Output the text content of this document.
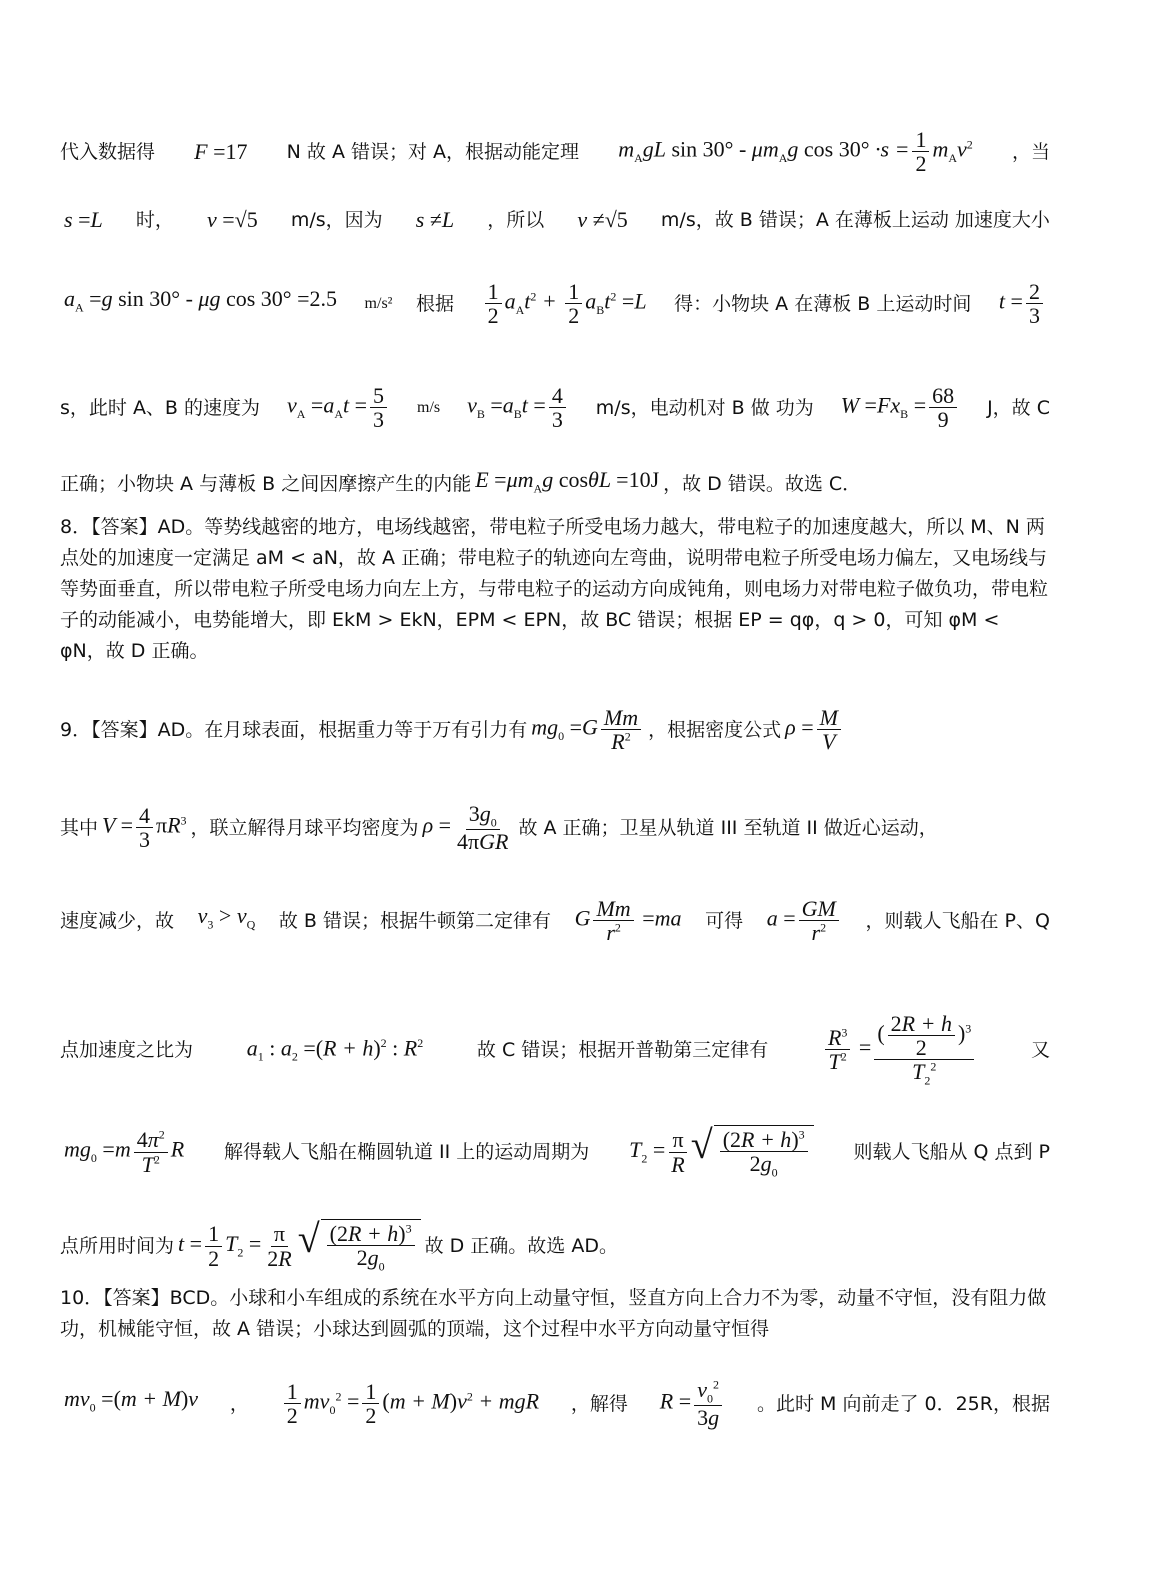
代入数据得 F =17 N 故 A 错误；对 A，根据动能定理 $m_AgL$ $\sin 30^\circ - \mu m_Ag$ $\cos 30^\circ \cdot s = \frac{1}{2} m_Av^2$ ，当
s =L 时， v =√5 m/s，因为 s ≠L ，所以 v ≠√5 m/s，故 B 错误；A 在薄板上运动 加速度大小
$a_A =g$ sin 30° - μg cos 30° =2.5 m/s² 根据 $\frac{1}{2} a_At^2 + \frac{1}{2} a_Bt^2 =L$ 得：小物块 A 在薄板 B 上运动时间 $t = \frac{2}{3}$
s，此时 A、B 的速度为 $v_A =a_At = \frac{5}{3} m/s$ $v_B =a_Bt = \frac{4}{3} m/s$，电动机对 B 做 功为 $W =Fx_B = \frac{68}{9}$ J，故 C
正确；小物块 A 与薄板 B 之间因摩擦产生的内能 $E =\mu m_Ag$ cosθL =10J ，故 D 错误。故选 C．
8．【答案】AD。等势线越密的地方，电场线越密，带电粒子所受电场力越大，带电粒子的加速度越大，所以 M、N 两点处的加速度一定满足 aM < aN，故 A 正确；带电粒子的轨迹向左弯曲，说明带电粒子所受电场力偏左，又电场线与等势面垂直，所以带电粒子所受电场力向左上方，与带电粒子的运动方向成钝角，则电场力对带电粒子做负功，带电粒子的动能减小，电势能增大，即 EkM > EkN，EPM < EPN，故 BC 错误；根据 EP = qφ，q > 0，可知 φM < φN，故 D 正确。
9．【答案】AD。在月球表面，根据重力等于万有引力有 $mg_0 =G \frac{Mm}{R^2}$ ，根据密度公式 $\rho = \frac{M}{V}$
其中 $V = \frac{4}{3} \pi R^3$ ，联立解得月球平均密度为 $\rho = \frac{3g_0}{\text{4πGR}}$ 故 A 正确；卫星从轨道 III 至轨道 II 做近心运动，
速度减少，故 $v_3 > v_Q$ 故 B 错误；根据牛顿第二定律有 G $\frac{Mm}{r^2} =ma$ 可得 $a = \frac{GM}{r^2}$ ，则载人飞船在 P、Q
点加速度之比为 $a_1$ : $a_2 =(R + h)^2$ : $R^2$	故 C 错误；根据开普勒第三定律有	$\frac{R^3}{T^2} = \frac{( \frac{2R + h}{2} )^3}{T_2^2}$	又
$mg_0 =m \frac{4\pi^2}{T^2}$ R 解得载人飞船在椭圆轨道 II 上的运动周期为 $T_2 = \frac{\pi}{R}$ √ $\frac{(2R + h)^3}{2g_0}$ 则载人飞船从 Q 点到 P
点所用时间为 $t = \frac{1}{2} T_2 = \frac{\pi}{2R}$ √ $\frac{(2R + h)^3}{2g_0}$ 故 D 正确。故选 AD。
10．【答案】BCD。小球和小车组成的系统在水平方向上动量守恒，竖直方向上合力不为零，动量不守恒，没有阻力做功，机械能守恒，故 A 错误；小球达到圆弧的顶端，这个过程中水平方向动量守恒得
$mv_0 =(m + M)v$ ， $\frac{1}{2} mv_0^2 = \frac{1}{2} (m + M)v^2$ + mgR ，解得 $R = \frac{v_0^2}{3g}$ 。此时 M 向前走了 0．25R，根据
